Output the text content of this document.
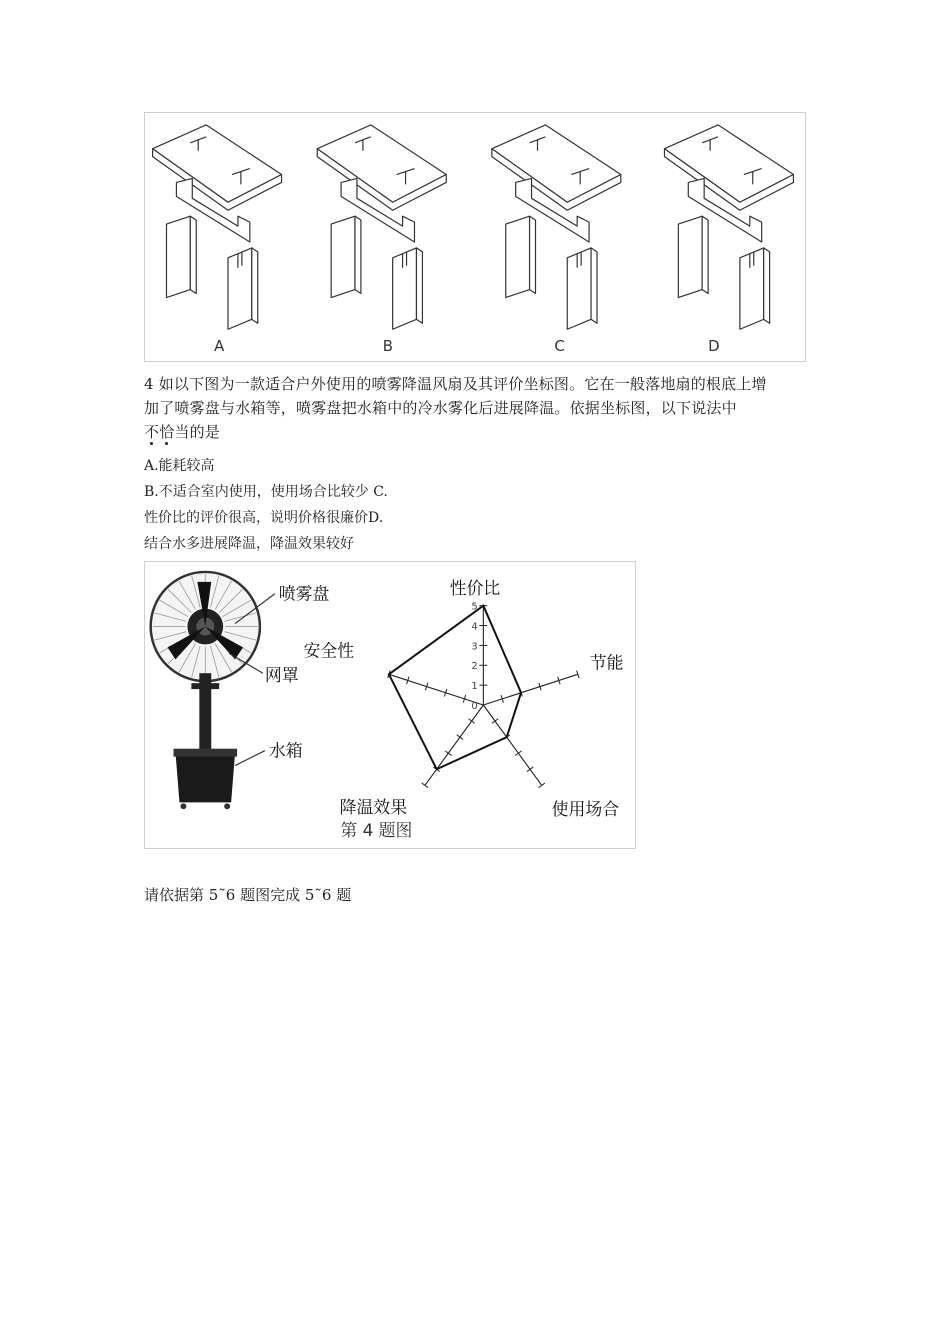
A	B	C	D

4 如以下图为一款适合户外使用的喷雾降温风扇及其评价坐标图。它在一般落地扇的根底上增

加了喷雾盘与水箱等，喷雾盘把水箱中的冷水雾化后进展降温。依据坐标图，以下说法中

不恰当的是

A.能耗较高
B.不适合室内使用，使用场合比较少 C.
性价比的评价很高，说明价格很廉价D.
结合水多进展降温，降温效果较好
喷雾盘
网罩
水箱
性价比
节能
使用场合
降温效果
安全性
0
1
2
3
4
5
第 4 题图
请依据第 5˜6 题图完成 5˜6 题
